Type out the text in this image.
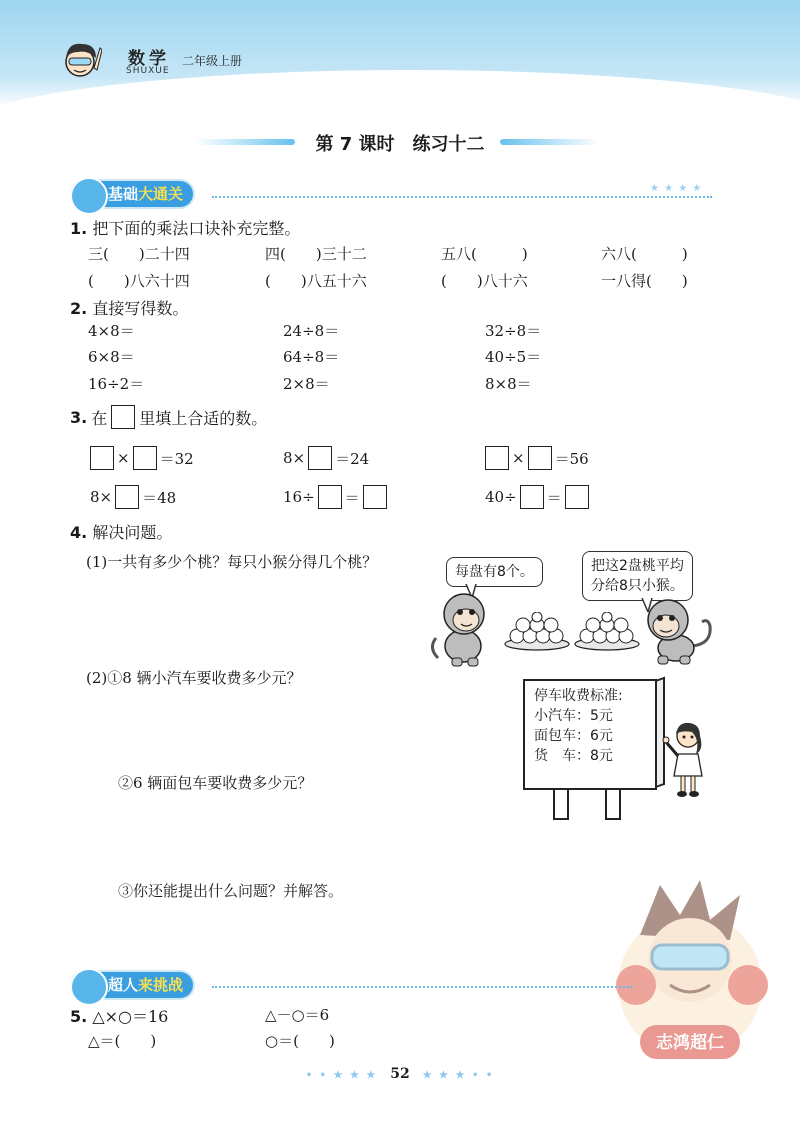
数学
SHUXUE
二年级上册
第 7 课时　练习十二
基础大通关	★ ★ ★ ★
1. 把下面的乘法口诀补充完整。
三(　　)二十四	四(　　)三十二	五八(　　　)	六八(　　　)
(　　)八六十四	(　　)八五十六	(　　)八十六	一八得(　　)
2. 直接写得数。
4×8＝	24÷8＝	32÷8＝
6×8＝	64÷8＝	40÷5＝
16÷2＝	2×8＝	8×8＝
3. 在 里填上合适的数。
× ＝32	8× ＝24	× ＝56
8× ＝48	16÷ ＝	40÷ ＝
4. 解决问题。
(1)一共有多少个桃？每只小猴分得几个桃？
每盘有8个。	把这2盘桃平均
分给8只小猴。
(2)①8 辆小汽车要收费多少元？
停车收费标准:
小汽车：5元
面包车：6元
货　车：8元
②6 辆面包车要收费多少元？
③你还能提出什么问题？并解答。
志鸿超仁
超人来挑战
5. △×○＝16	△－○＝6
△＝(　　)	○＝(　　)
• • ★ ★ ★ 52 ★ ★ ★ • •
